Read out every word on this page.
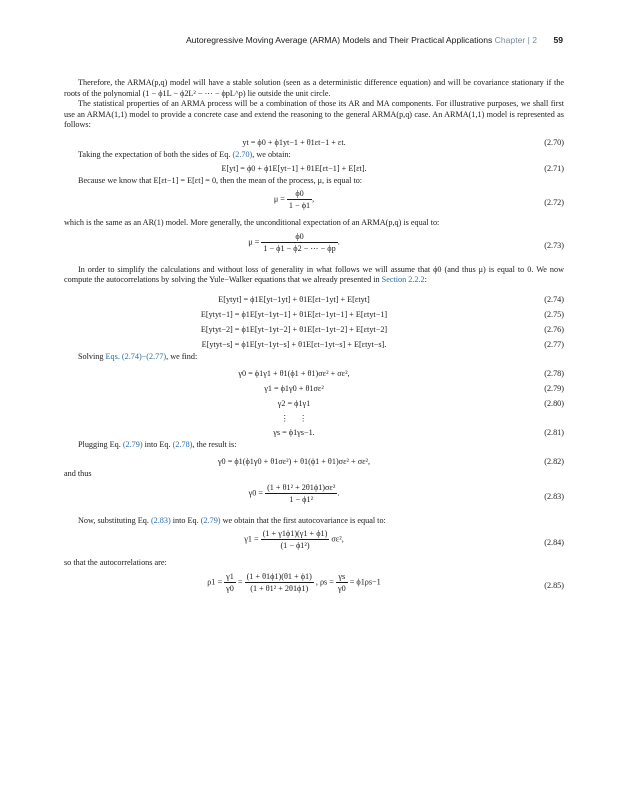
Autoregressive Moving Average (ARMA) Models and Their Practical Applications Chapter | 2 59

Therefore, the ARMA(p,q) model will have a stable solution (seen as a deterministic difference equation) and will be covariance stationary if the roots of the polynomial (1 − ϕ1L − ϕ2L² − ⋯ − ϕpL^p) lie outside the unit circle.

The statistical properties of an ARMA process will be a combination of those its AR and MA components. For illustrative purposes, we shall first use an ARMA(1,1) model to provide a concrete case and extend the reasoning to the general ARMA(p,q) case. An ARMA(1,1) model is represented as follows:

yt = ϕ0 + ϕ1yt−1 + θ1εt−1 + εt.	(2.70)

Taking the expectation of both the sides of Eq. (2.70), we obtain:

E[yt] = ϕ0 + ϕ1E[yt−1] + θ1E[εt−1] + E[εt].	(2.71)

Because we know that E[εt−1] = E[εt] = 0, then the mean of the process, μ, is equal to:

$\mu = \frac{\phi 0}{1 - \phi 1}$ ,	(2.72)

which is the same as an AR(1) model. More generally, the unconditional expectation of an ARMA(p,q) is equal to:

$\mu = \frac{\phi 0}{1 - \phi 1 - \phi 2 - \cdots - \phi p}$ .	(2.73)

In order to simplify the calculations and without loss of generality in what follows we will assume that ϕ0 (and thus μ) is equal to 0. We now compute the autocorrelations by solving the Yule−Walker equations that we already presented in Section 2.2.2:

E[ytyt] = ϕ1E[yt−1yt] + θ1E[εt−1yt] + E[εtyt]	(2.74)
E[ytyt−1] = ϕ1E[yt−1yt−1] + θ1E[εt−1yt−1] + E[εtyt−1]	(2.75)
E[ytyt−2] = ϕ1E[yt−1yt−2] + θ1E[εt−1yt−2] + E[εtyt−2]	(2.76)
E[ytyt−s] = ϕ1E[yt−1yt−s] + θ1E[εt−1yt−s] + E[εtyt−s].	(2.77)

Solving Eqs. (2.74)−(2.77), we find:

γ0 = ϕ1γ1 + θ1(ϕ1 + θ1)σε² + σε²,	(2.78)
γ1 = ϕ1γ0 + θ1σε²	(2.79)
γ2 = ϕ1γ1	(2.80)
⋮ ⋮
γs = ϕ1γs−1.	(2.81)

Plugging Eq. (2.79) into Eq. (2.78), the result is:

γ0 = ϕ1(ϕ1γ0 + θ1σε²) + θ1(ϕ1 + θ1)σε² + σε²,	(2.82)

and thus

$\gamma 0 = \frac{\text{(1 + θ1² + 2θ1ϕ1)σε²}}{\text{1 − ϕ1²}}$ .	(2.83)

Now, substituting Eq. (2.83) into Eq. (2.79) we obtain that the first autocovariance is equal to:

$\gamma 1 = \frac{(1 + \gamma 1\phi 1)(\gamma 1 + \phi 1)}{\text{(1 − ϕ1²)}} \sigma\varepsilon^2$,	(2.84)

so that the autocorrelations are:

$\rho 1 = \frac{\gamma 1}{\gamma 0} = \frac{(1 + \theta 1\phi 1)(\theta 1 + \phi 1)}{\text{(1 + θ1² + 2θ1ϕ1)}}$ , $\rho s = \frac{\gamma s}{\gamma 0} = \phi 1\rho s-1$	(2.85)
